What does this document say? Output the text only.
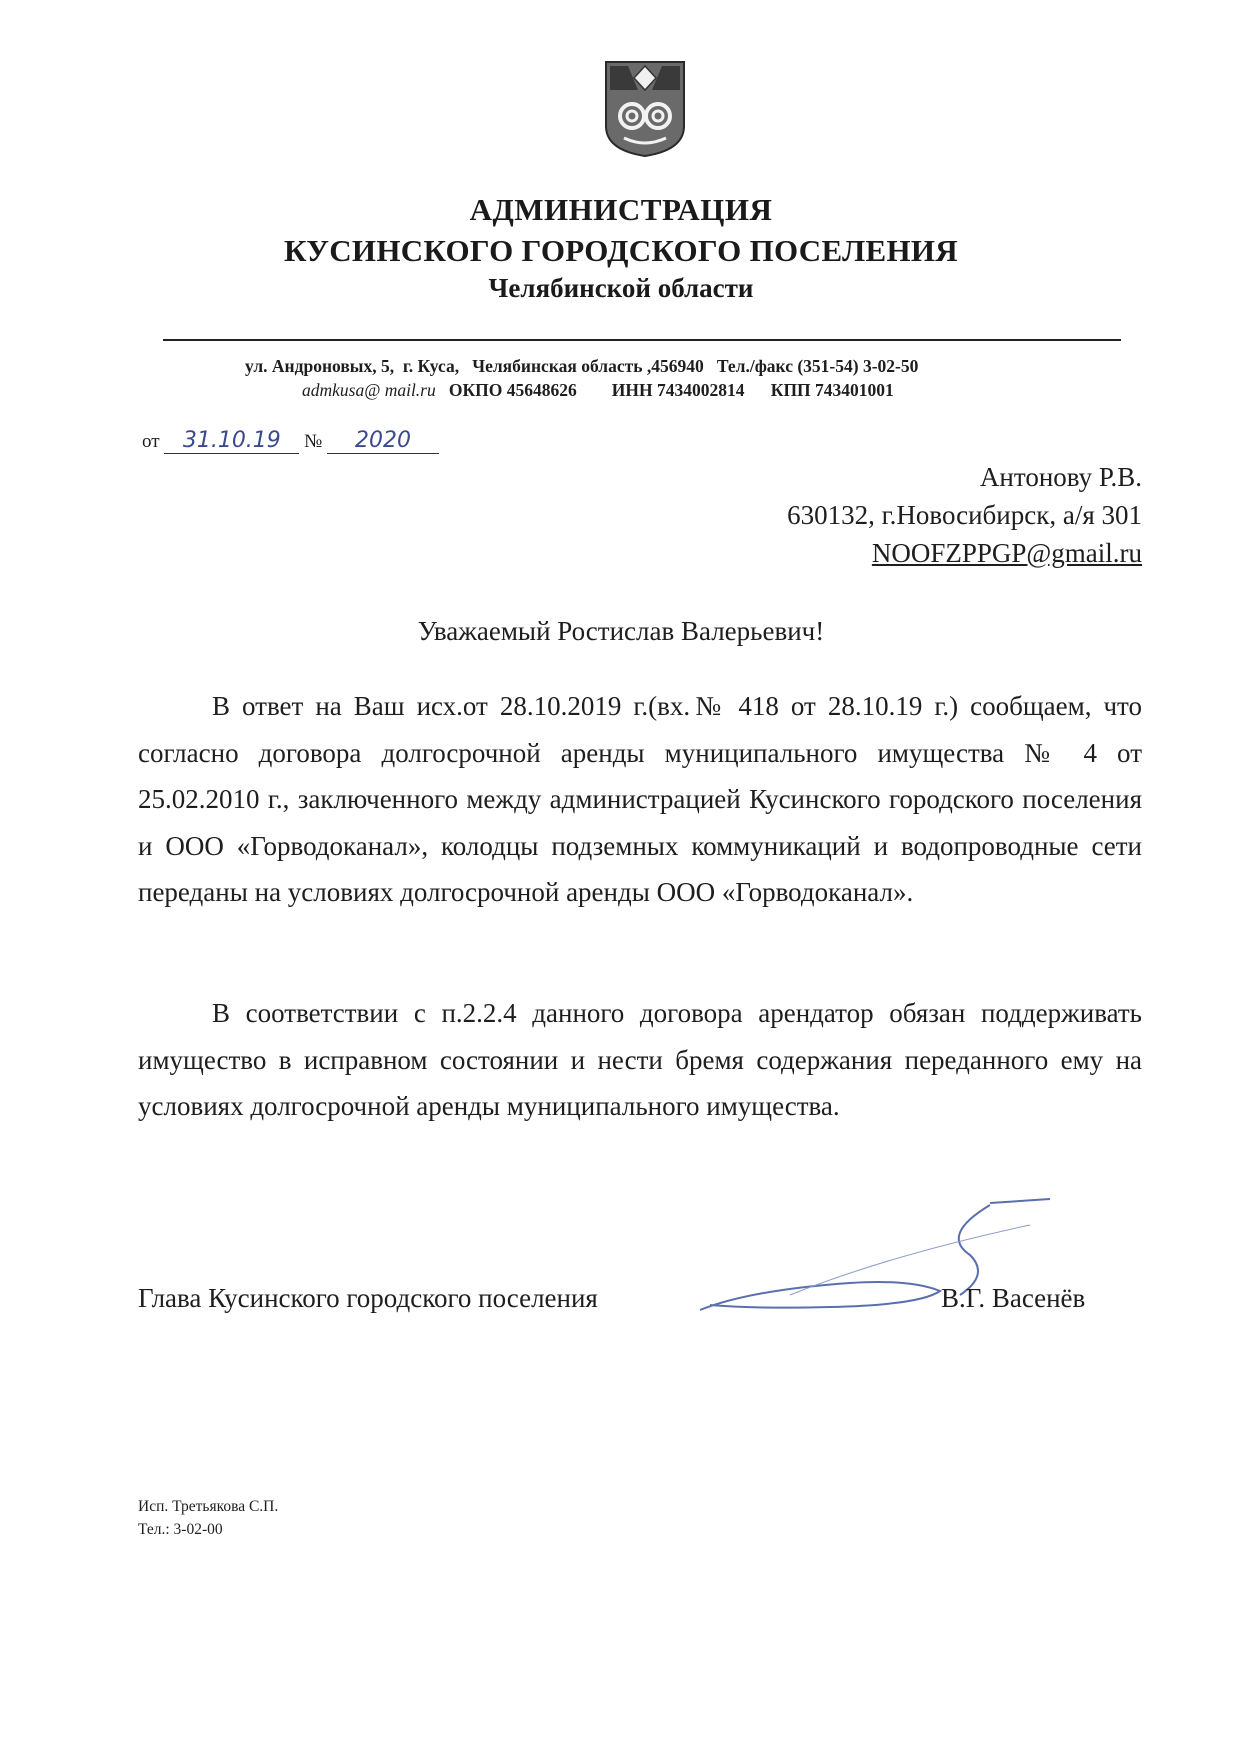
АДМИНИСТРАЦИЯ
КУСИНСКОГО ГОРОДСКОГО ПОСЕЛЕНИЯ
Челябинской области
ул. Андроновых, 5,  г. Куса,   Челябинская область ,456940   Тел./факс (351-54) 3-02-50
admkusa@ mail.ru ОКПО 45648626 ИНН 7434002814 КПП 743401001
от 31.10.19 № 2020
Антонову Р.В.
630132, г.Новосибирск, а/я 301
NOOFZPPGP@gmail.ru
Уважаемый Ростислав Валерьевич!
В ответ на Ваш исх.от 28.10.2019 г.(вх.№ 418 от 28.10.19 г.) сообщаем, что согласно договора долгосрочной аренды муниципального имущества № 4 от 25.02.2010 г., заключенного между администрацией Кусинского городского поселения и ООО «Горводоканал», колодцы подземных коммуникаций и водопроводные сети переданы на условиях долгосрочной аренды ООО «Горводоканал».
В соответствии с п.2.2.4 данного договора арендатор обязан поддерживать имущество в исправном состоянии и нести бремя содержания переданного ему на условиях долгосрочной аренды муниципального имущества.
Глава Кусинского городского поселения	В.Г. Васенёв
Исп. Третьякова С.П.
Тел.: 3-02-00
